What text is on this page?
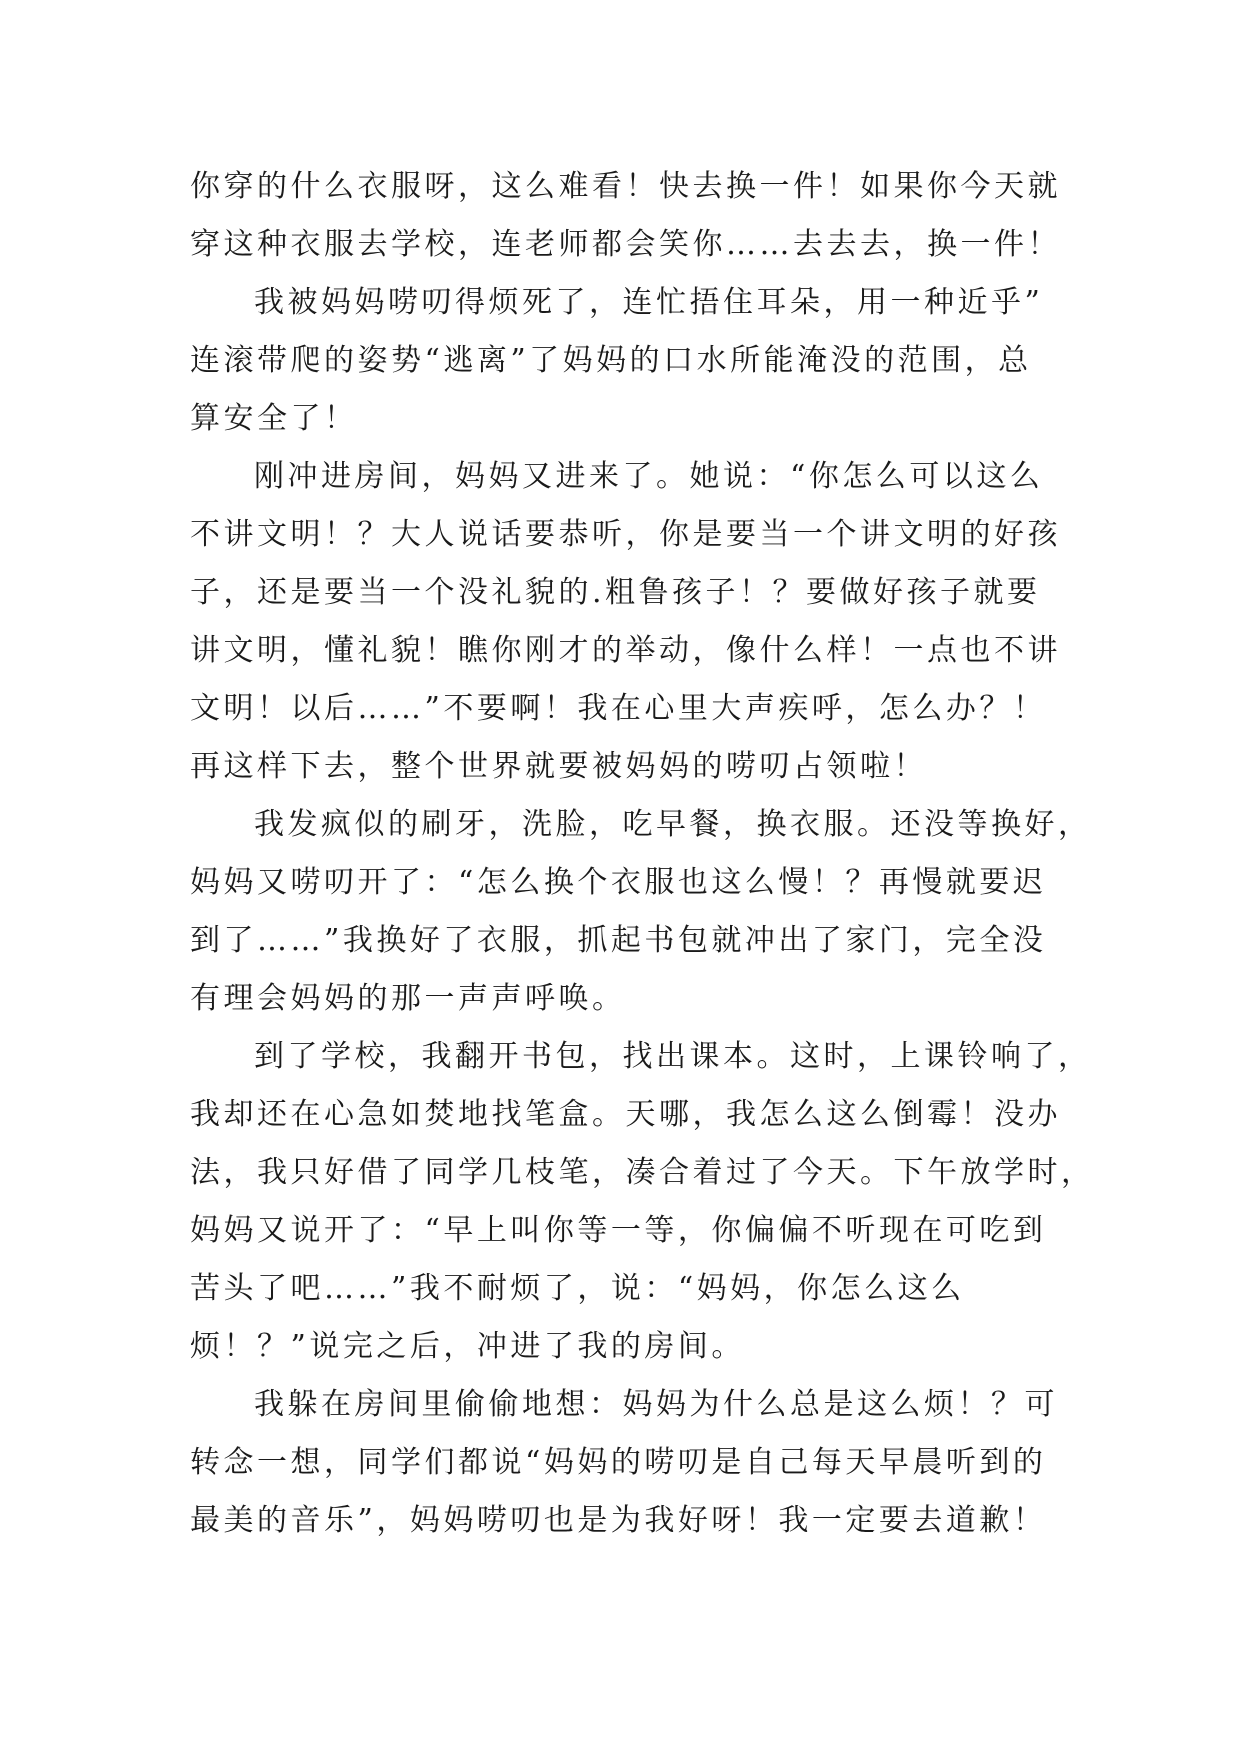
你穿的什么衣服呀，这么难看！快去换一件！如果你今天就
穿这种衣服去学校，连老师都会笑你……去去去，换一件！
我被妈妈唠叨得烦死了，连忙捂住耳朵，用一种近乎”
连滚带爬的姿势“逃离”了妈妈的口水所能淹没的范围，总
算安全了！
刚冲进房间，妈妈又进来了。她说：“你怎么可以这么
不讲文明！？大人说话要恭听，你是要当一个讲文明的好孩
子，还是要当一个没礼貌的.粗鲁孩子！？要做好孩子就要
讲文明，懂礼貌！瞧你刚才的举动，像什么样！一点也不讲
文明！以后……”不要啊！我在心里大声疾呼，怎么办？！
再这样下去，整个世界就要被妈妈的唠叨占领啦！
我发疯似的刷牙，洗脸，吃早餐，换衣服。还没等换好，
妈妈又唠叨开了：“怎么换个衣服也这么慢！？再慢就要迟
到了……”我换好了衣服，抓起书包就冲出了家门，完全没
有理会妈妈的那一声声呼唤。
到了学校，我翻开书包，找出课本。这时，上课铃响了，
我却还在心急如焚地找笔盒。天哪，我怎么这么倒霉！没办
法，我只好借了同学几枝笔，凑合着过了今天。下午放学时，
妈妈又说开了：“早上叫你等一等，你偏偏不听现在可吃到
苦头了吧……”我不耐烦了，说：“妈妈，你怎么这么
烦！？”说完之后，冲进了我的房间。
我躲在房间里偷偷地想：妈妈为什么总是这么烦！？可
转念一想，同学们都说“妈妈的唠叨是自己每天早晨听到的
最美的音乐”，妈妈唠叨也是为我好呀！我一定要去道歉！
